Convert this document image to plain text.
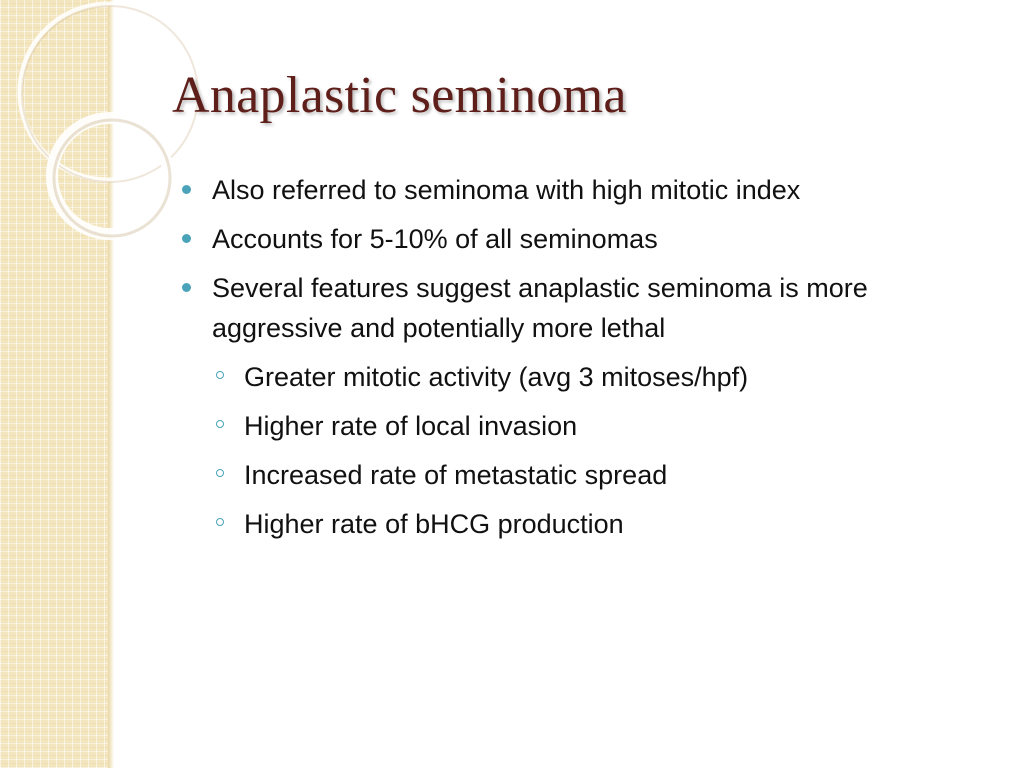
Anaplastic seminoma
Also referred to seminoma with high mitotic index
Accounts for 5-10% of all seminomas
Several features suggest anaplastic seminoma is more aggressive and potentially more lethal
Greater mitotic activity (avg 3 mitoses/hpf)
Higher rate of local invasion
Increased rate of metastatic spread
Higher rate of bHCG production
